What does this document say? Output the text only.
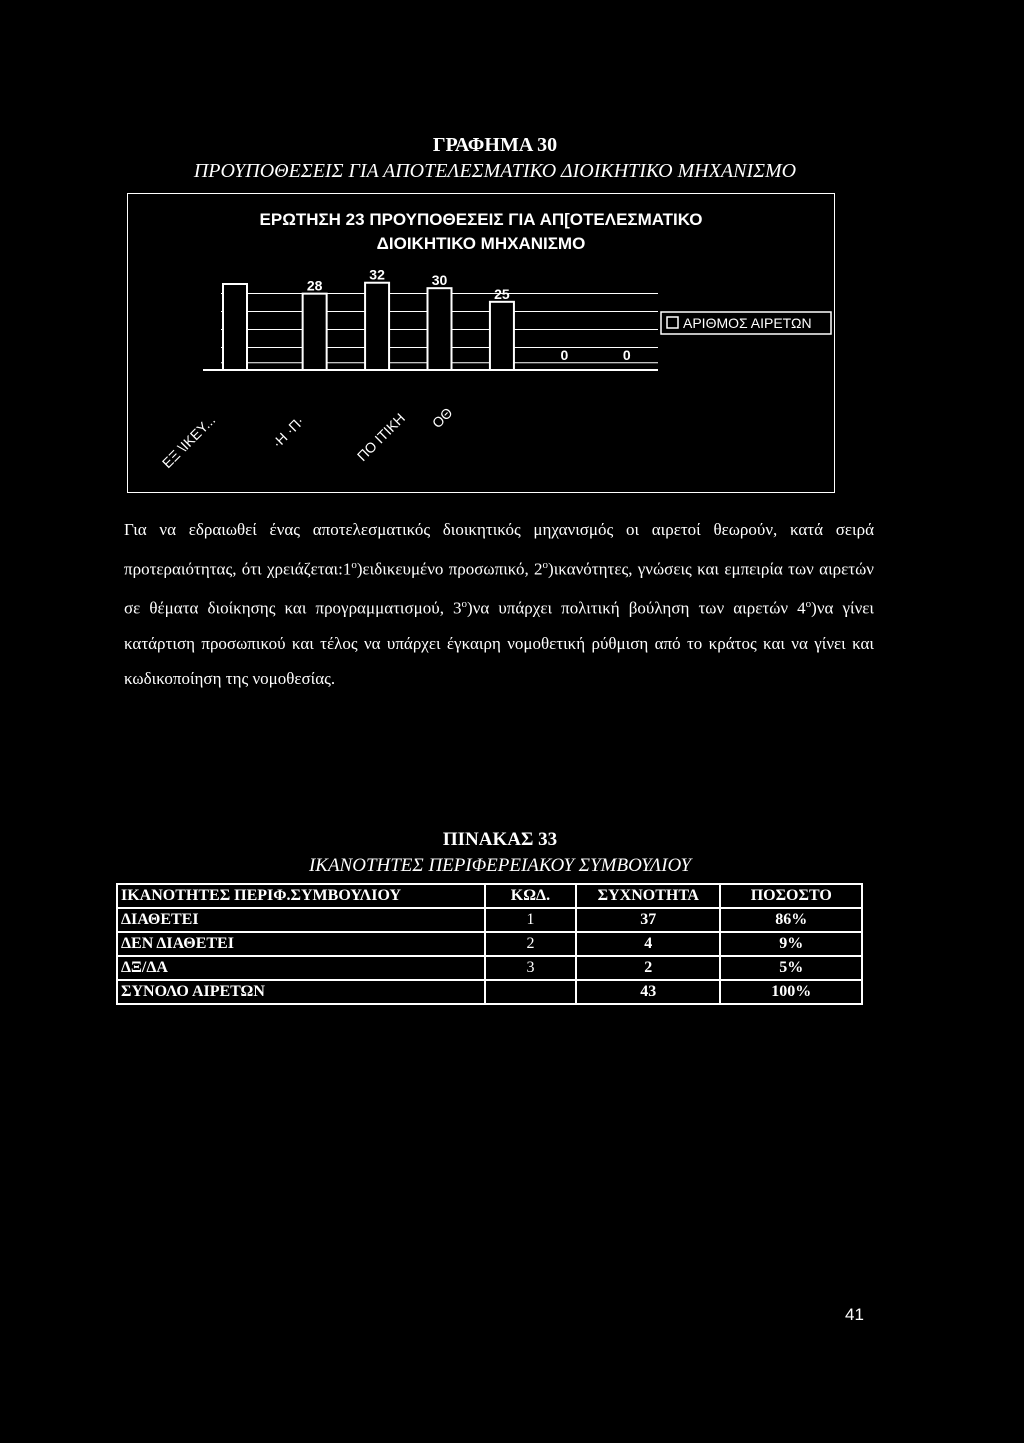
ΓΡΑΦΗΜΑ 30
ΠΡΟΥΠΟΘΕΣΕΙΣ ΓΙΑ ΑΠΟΤΕΛΕΣΜΑΤΙΚΟ ΔΙΟΙΚΗΤΙΚΟ ΜΗΧΑΝΙΣΜΟ
ΕΡΩΤΗΣΗ 23 ΠΡΟΥΠΟΘΕΣΕΙΣ ΓΙΑ ΑΠ[ΟΤΕΛΕΣΜΑΤΙΚΟ
ΔΙΟΙΚΗΤΙΚΟ ΜΗΧΑΝΙΣΜΟ
28
32	30
25
0	0
ΕΞ \ΙΚΕΥ...	·Η ·Π·	ΠΟ ΙΤΙΚΗ ΟΘ
ΑΡΙΘΜΟΣ ΑΙΡΕΤΩΝ
Για να εδραιωθεί ένας αποτελεσματικός διοικητικός μηχανισμός οι αιρετοί θεωρούν, κατά σειρά προτεραιότητας, ότι $\chi\rho\varepsilon\iota ά\zeta\varepsilon\tau\alpha\iota:1^o)\varepsilon\iota\delta\iota\kappa\varepsilon\upsilon\mu έ\nu o$ προσωπικό, $2^o)\iota\kappa\alpha\nu ό\tau\eta\tau\varepsilon\varsigma$, γνώσεις και εμπειρία των αιρετών σε θέματα διοίκησης και προγραμματισμού, $3^o)\nu\alpha$ υπάρχει πολιτική βούληση των αιρετών $4^o)\nu\alpha$ γίνει κατάρτιση προσωπικού και τέλος να υπάρχει έγκαιρη νομοθετική ρύθμιση από το κράτος και να γίνει και κωδικοποίηση της νομοθεσίας.
ΠΙΝΑΚΑΣ 33
ΙΚΑΝΟΤΗΤΕΣ ΠΕΡΙΦΕΡΕΙΑΚΟΥ ΣΥΜΒΟΥΛΙΟΥ
ΙΚΑΝΟΤΗΤΕΣ ΠΕΡΙΦ.ΣΥΜΒΟΥΛΙΟΥ	ΚΩΔ.	ΣΥΧΝΟΤΗΤΑ	ΠΟΣΟΣΤΟ
ΔΙΑΘΕΤΕΙ	1	37	86%
ΔΕΝ ΔΙΑΘΕΤΕΙ	2	4	9%
ΔΞ/ΔΑ	3	2	5%
ΣΥΝΟΛΟ ΑΙΡΕΤΩΝ		43	100%
41
